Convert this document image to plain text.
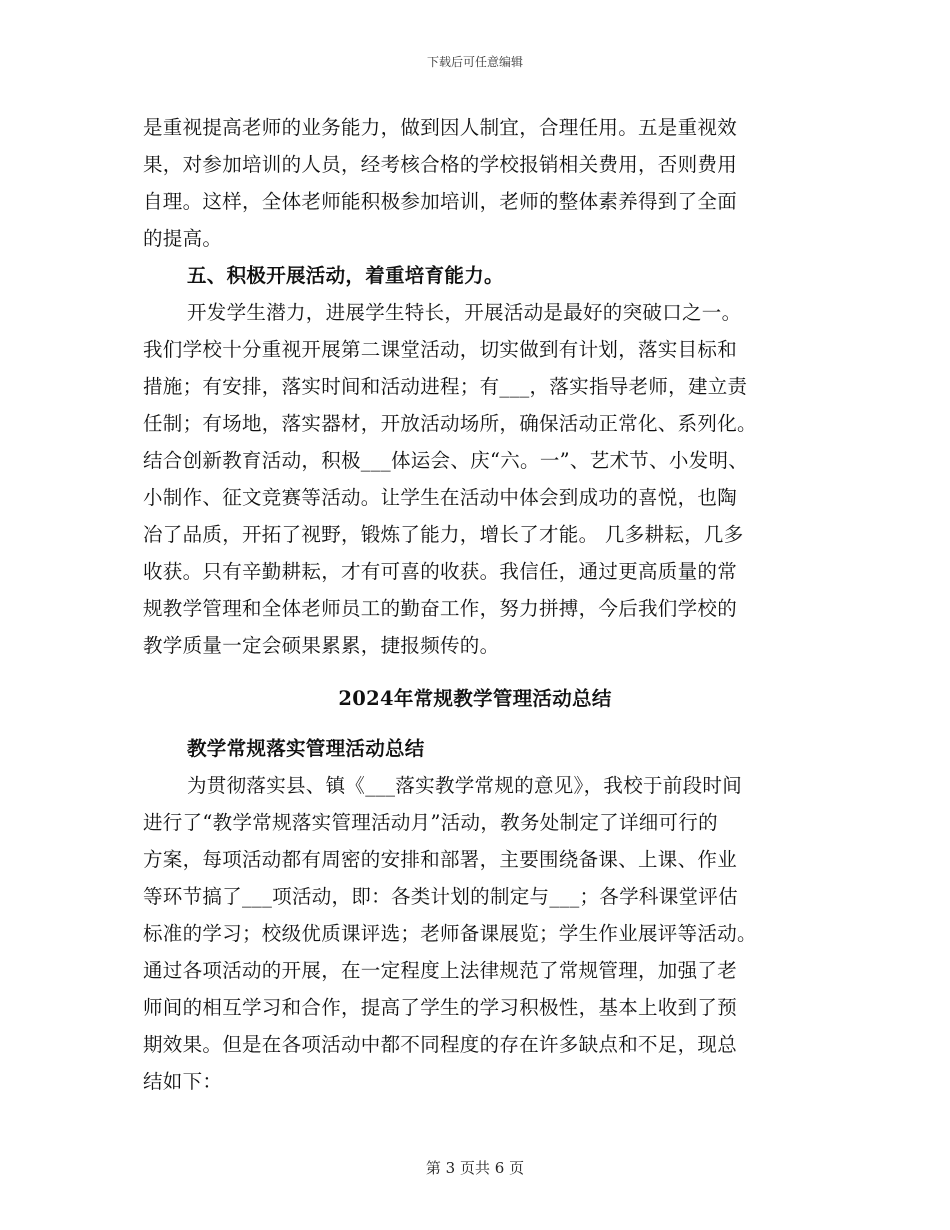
下载后可任意编辑
是重视提高老师的业务能力，做到因人制宜，合理任用。五是重视效
果，对参加培训的人员，经考核合格的学校报销相关费用，否则费用
自理。这样，全体老师能积极参加培训，老师的整体素养得到了全面
的提高。
五、积极开展活动，着重培育能力。
开发学生潜力，进展学生特长，开展活动是最好的突破口之一。
我们学校十分重视开展第二课堂活动，切实做到有计划，落实目标和
措施；有安排，落实时间和活动进程；有___，落实指导老师，建立责
任制；有场地，落实器材，开放活动场所，确保活动正常化、系列化。
结合创新教育活动，积极___体运会、庆“六。一”、艺术节、小发明、
小制作、征文竞赛等活动。让学生在活动中体会到成功的喜悦，也陶
冶了品质，开拓了视野，锻炼了能力，增长了才能。 几多耕耘，几多
收获。只有辛勤耕耘，才有可喜的收获。我信任，通过更高质量的常
规教学管理和全体老师员工的勤奋工作，努力拼搏，今后我们学校的
教学质量一定会硕果累累，捷报频传的。
2024年常规教学管理活动总结
教学常规落实管理活动总结
为贯彻落实县、镇《___落实教学常规的意见》，我校于前段时间
进行了“教学常规落实管理活动月”活动，教务处制定了详细可行的
方案，每项活动都有周密的安排和部署，主要围绕备课、上课、作业
等环节搞了___项活动，即：各类计划的制定与___；各学科课堂评估
标准的学习；校级优质课评选；老师备课展览；学生作业展评等活动。
通过各项活动的开展，在一定程度上法律规范了常规管理，加强了老
师间的相互学习和合作，提高了学生的学习积极性，基本上收到了预
期效果。但是在各项活动中都不同程度的存在许多缺点和不足，现总
结如下：
第 3 页共 6 页
